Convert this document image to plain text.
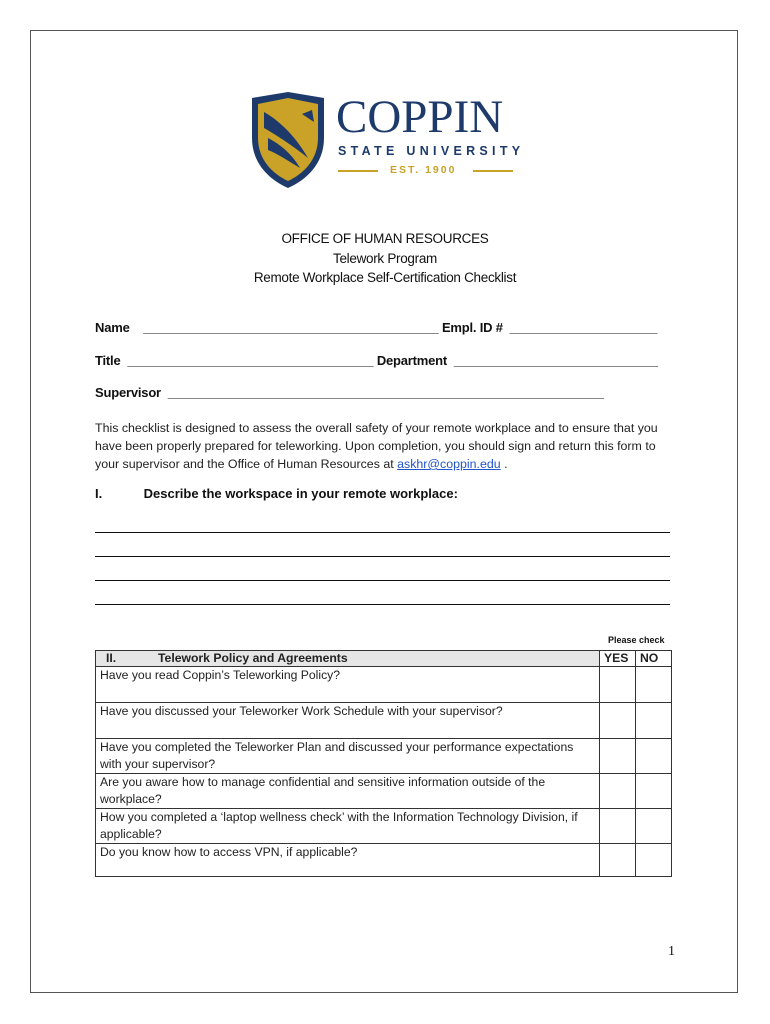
COPPIN
STATE UNIVERSITY
EST. 1900
OFFICE OF HUMAN RESOURCES
Telework Program
Remote Workplace Self-Certification Checklist
Name    __________________________________________ Empl. ID #  _____________________
Title  ___________________________________ Department  _____________________________
Supervisor  ______________________________________________________________
This checklist is designed to assess the overall safety of your remote workplace and to ensure that you have been properly prepared for teleworking. Upon completion, you should sign and return this form to your supervisor and the Office of Human Resources at askhr@coppin.edu .
I.	Describe the workspace in your remote workplace:
Please check
II. Telework Policy and Agreements	YES	NO
Have you read Coppin’s Teleworking Policy?		
Have you discussed your Teleworker Work Schedule with your supervisor?		
Have you completed the Teleworker Plan and discussed your performance expectations with your supervisor?		
Are you aware how to manage confidential and sensitive information outside of the workplace?		
How you completed a ‘laptop wellness check’ with the Information Technology Division, if applicable?		
Do you know how to access VPN, if applicable?		
1
